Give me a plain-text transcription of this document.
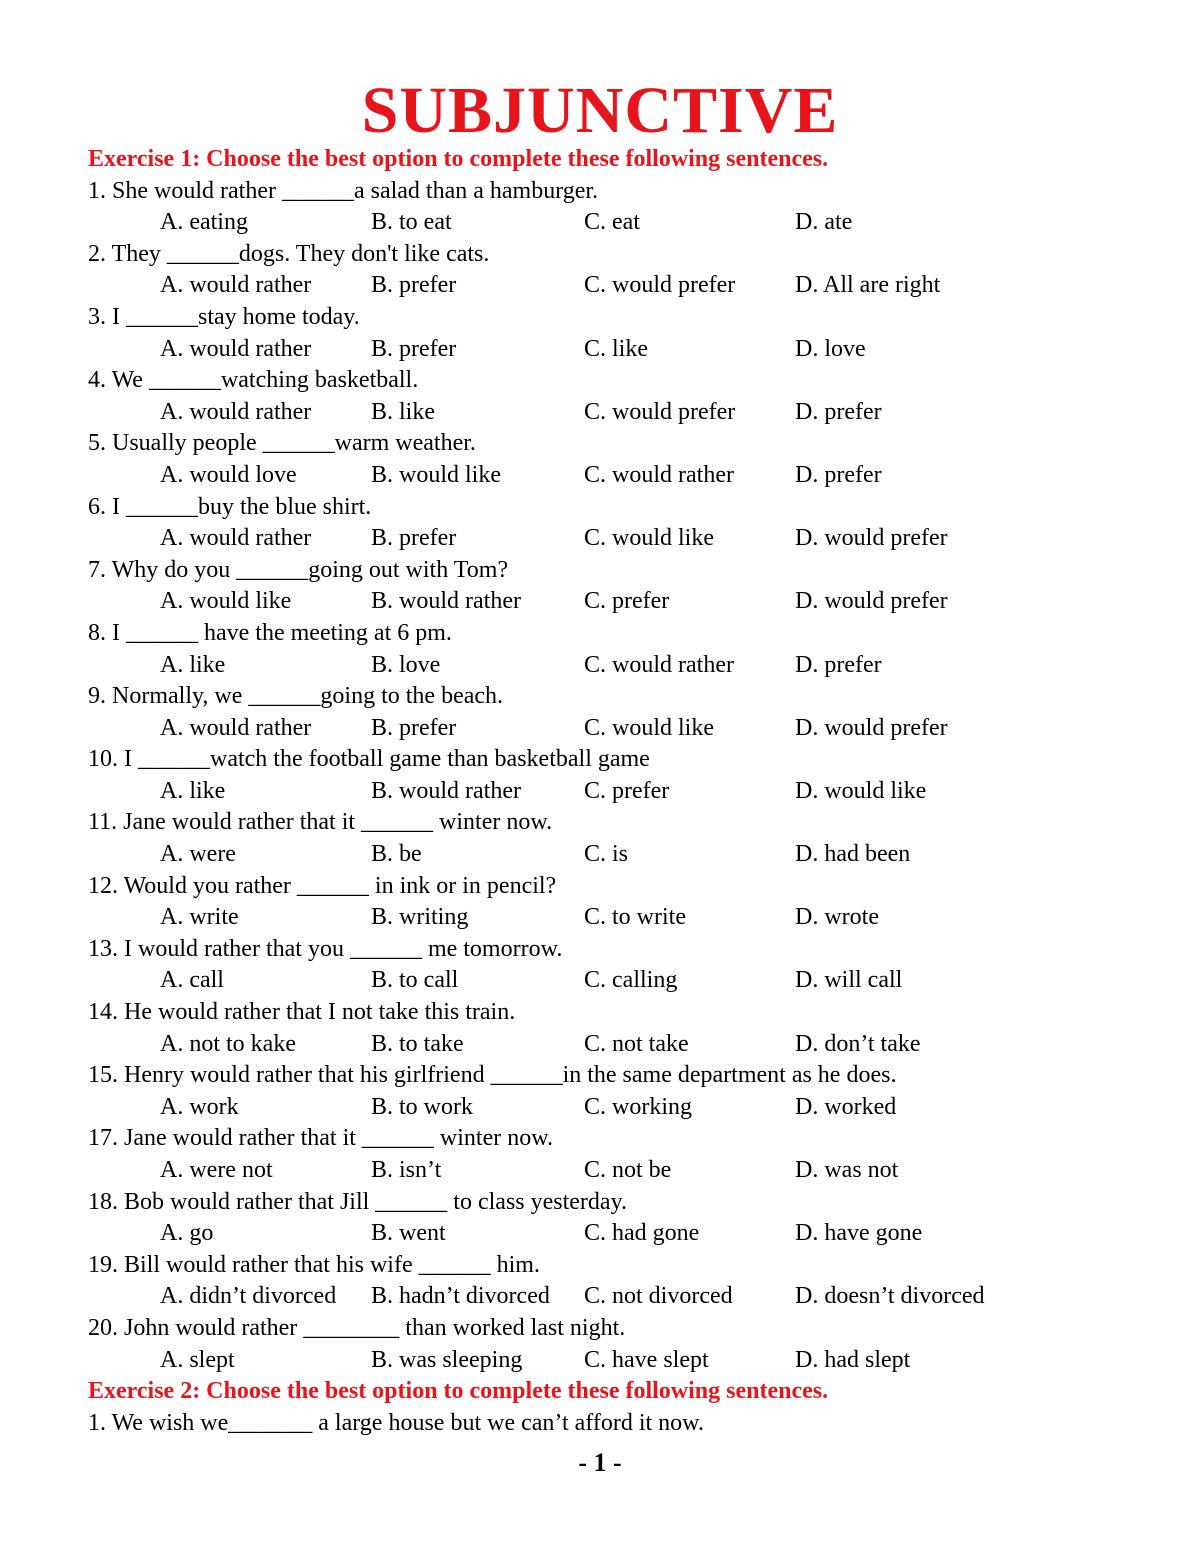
SUBJUNCTIVE
Exercise 1: Choose the best option to complete these following sentences.
1. She would rather ______a salad than a hamburger.
A. eating	B. to eat	C. eat	D. ate
2. They ______dogs. They don't like cats.
A. would rather B. prefer	C. would prefer D. All are right
3. I ______stay home today.
A. would rather B. prefer	C. like	D. love
4. We ______watching basketball.
A. would rather B. like	C. would prefer D. prefer
5. Usually people ______warm weather.
A. would love	B. would like	C. would rather	D. prefer
6. I ______buy the blue shirt.
A. would rather B. prefer	C. would like	D. would prefer
7. Why do you ______going out with Tom?
A. would like	B. would rather	C. prefer	D. would prefer
8. I ______ have the meeting at 6 pm.
A. like	B. love	C. would rather	D. prefer
9. Normally, we ______going to the beach.
A. would rather B. prefer	C. would like	D. would prefer
10. I ______watch the football game than basketball game
A. like	B. would rather	C. prefer	D. would like
11. Jane would rather that it ______ winter now.
A. were	B. be	C. is	D. had been
12. Would you rather ______ in ink or in pencil?
A. write	B. writing	C. to write	D. wrote
13. I would rather that you ______ me tomorrow.
A. call	B. to call	C. calling	D. will call
14. He would rather that I not take this train.
A. not to kake	B. to take	C. not take	D. don’t take
15. Henry would rather that his girlfriend ______in the same department as he does.
A. work	B. to work	C. working	D. worked
17. Jane would rather that it ______ winter now.
A. were not	B. isn’t	C. not be	D. was not
18. Bob would rather that Jill ______ to class yesterday.
A. go	B. went	C. had gone	D. have gone
19. Bill would rather that his wife ______ him.
A. didn’t divorced B. hadn’t divorced C. not divorced	D. doesn’t divorced
20. John would rather ________ than worked last night.
A. slept	B. was sleeping	C. have slept	D. had slept
Exercise 2: Choose the best option to complete these following sentences.
1. We wish we_______ a large house but we can’t afford it now.
- 1 -
